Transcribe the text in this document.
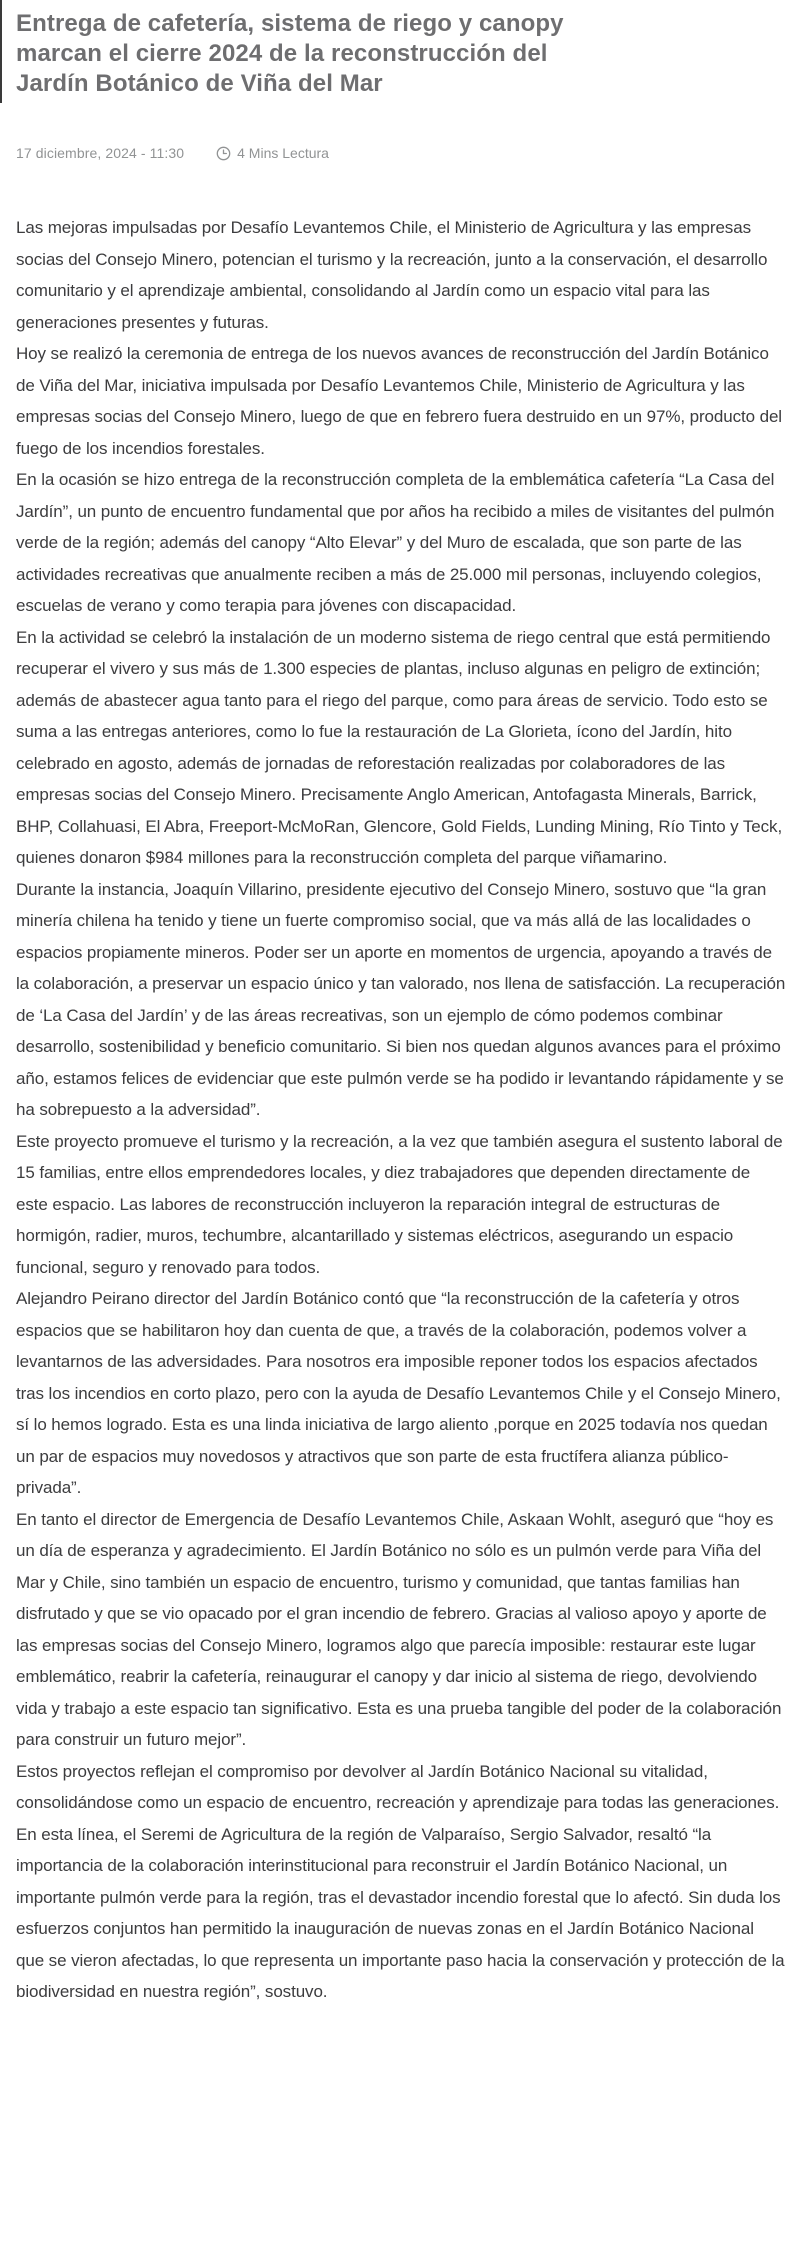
Entrega de cafetería, sistema de riego y canopy marcan el cierre 2024 de la reconstrucción del Jardín Botánico de Viña del Mar
17 diciembre, 2024 - 11:30	4 Mins Lectura

Las mejoras impulsadas por Desafío Levantemos Chile, el Ministerio de Agricultura y las empresas socias del Consejo Minero, potencian el turismo y la recreación, junto a la conservación, el desarrollo comunitario y el aprendizaje ambiental, consolidando al Jardín como un espacio vital para las generaciones presentes y futuras.

Hoy se realizó la ceremonia de entrega de los nuevos avances de reconstrucción del Jardín Botánico de Viña del Mar, iniciativa impulsada por Desafío Levantemos Chile, Ministerio de Agricultura y las empresas socias del Consejo Minero, luego de que en febrero fuera destruido en un 97%, producto del fuego de los incendios forestales.

En la ocasión se hizo entrega de la reconstrucción completa de la emblemática cafetería “La Casa del Jardín”, un punto de encuentro fundamental que por años ha recibido a miles de visitantes del pulmón verde de la región; además del canopy “Alto Elevar” y del Muro de escalada, que son parte de las actividades recreativas que anualmente reciben a más de 25.000 mil personas, incluyendo colegios, escuelas de verano y como terapia para jóvenes con discapacidad.

En la actividad se celebró la instalación de un moderno sistema de riego central que está permitiendo recuperar el vivero y sus más de 1.300 especies de plantas, incluso algunas en peligro de extinción; además de abastecer agua tanto para el riego del parque, como para áreas de servicio. Todo esto se suma a las entregas anteriores, como lo fue la restauración de La Glorieta, ícono del Jardín, hito celebrado en agosto, además de jornadas de reforestación realizadas por colaboradores de las empresas socias del Consejo Minero. Precisamente Anglo American, Antofagasta Minerals, Barrick, BHP, Collahuasi, El Abra, Freeport-McMoRan, Glencore, Gold Fields, Lunding Mining, Río Tinto y Teck, quienes donaron $984 millones para la reconstrucción completa del parque viñamarino.

Durante la instancia, Joaquín Villarino, presidente ejecutivo del Consejo Minero, sostuvo que “la gran minería chilena ha tenido y tiene un fuerte compromiso social, que va más allá de las localidades o espacios propiamente mineros. Poder ser un aporte en momentos de urgencia, apoyando a través de la colaboración, a preservar un espacio único y tan valorado, nos llena de satisfacción. La recuperación de ‘La Casa del Jardín’ y de las áreas recreativas, son un ejemplo de cómo podemos combinar desarrollo, sostenibilidad y beneficio comunitario. Si bien nos quedan algunos avances para el próximo año, estamos felices de evidenciar que este pulmón verde se ha podido ir levantando rápidamente y se ha sobrepuesto a la adversidad”.

Este proyecto promueve el turismo y la recreación, a la vez que también asegura el sustento laboral de 15 familias, entre ellos emprendedores locales, y diez trabajadores que dependen directamente de este espacio. Las labores de reconstrucción incluyeron la reparación integral de estructuras de hormigón, radier, muros, techumbre, alcantarillado y sistemas eléctricos, asegurando un espacio funcional, seguro y renovado para todos.

Alejandro Peirano director del Jardín Botánico contó que “la reconstrucción de la cafetería y otros espacios que se habilitaron hoy dan cuenta de que, a través de la colaboración, podemos volver a levantarnos de las adversidades. Para nosotros era imposible reponer todos los espacios afectados tras los incendios en corto plazo, pero con la ayuda de Desafío Levantemos Chile y el Consejo Minero, sí lo hemos logrado. Esta es una linda iniciativa de largo aliento ,porque en 2025 todavía nos quedan un par de espacios muy novedosos y atractivos que son parte de esta fructífera alianza público-privada”.

En tanto el director de Emergencia de Desafío Levantemos Chile, Askaan Wohlt, aseguró que “hoy es un día de esperanza y agradecimiento. El Jardín Botánico no sólo es un pulmón verde para Viña del Mar y Chile, sino también un espacio de encuentro, turismo y comunidad, que tantas familias han disfrutado y que se vio opacado por el gran incendio de febrero. Gracias al valioso apoyo y aporte de las empresas socias del Consejo Minero, logramos algo que parecía imposible: restaurar este lugar emblemático, reabrir la cafetería, reinaugurar el canopy y dar inicio al sistema de riego, devolviendo vida y trabajo a este espacio tan significativo. Esta es una prueba tangible del poder de la colaboración para construir un futuro mejor”.

Estos proyectos reflejan el compromiso por devolver al Jardín Botánico Nacional su vitalidad, consolidándose como un espacio de encuentro, recreación y aprendizaje para todas las generaciones. En esta línea, el Seremi de Agricultura de la región de Valparaíso, Sergio Salvador, resaltó “la importancia de la colaboración interinstitucional para reconstruir el Jardín Botánico Nacional, un importante pulmón verde para la región, tras el devastador incendio forestal que lo afectó. Sin duda los esfuerzos conjuntos han permitido la inauguración de nuevas zonas en el Jardín Botánico Nacional que se vieron afectadas, lo que representa un importante paso hacia la conservación y protección de la biodiversidad en nuestra región”, sostuvo.
